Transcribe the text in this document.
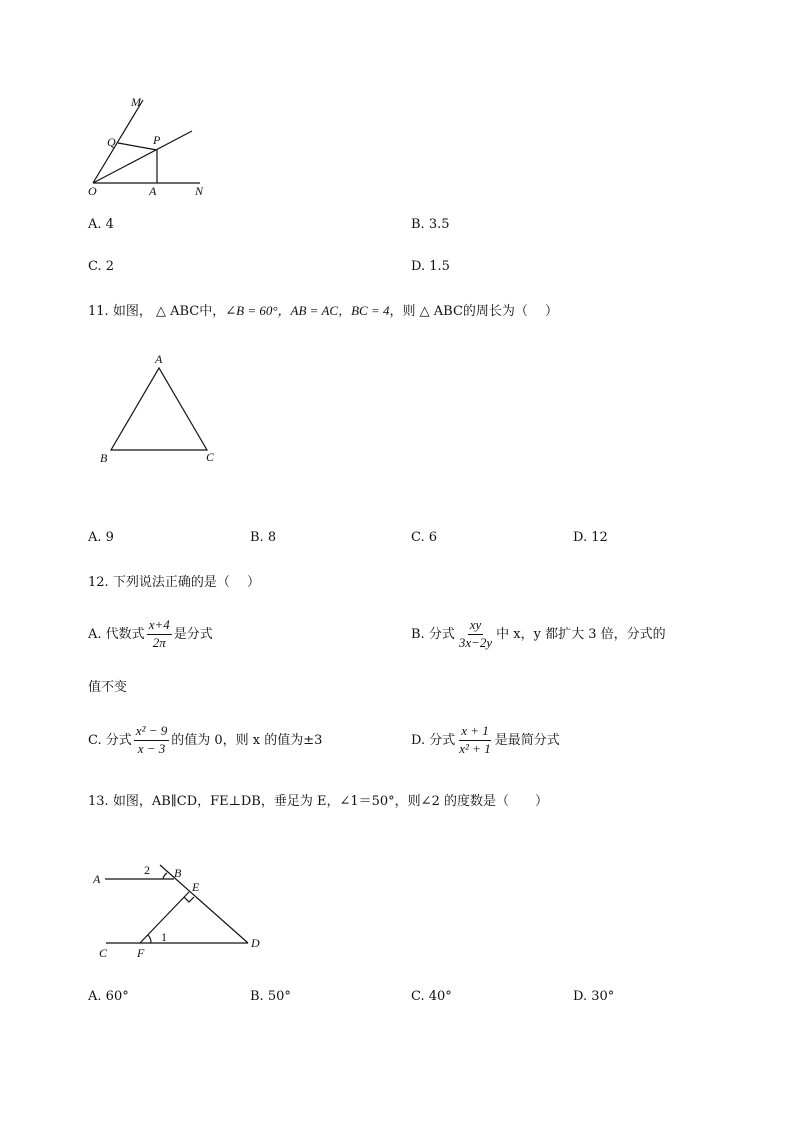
M
Q	P
O	A	N
A. 4	B. 3.5
C. 2	D. 1.5
11. 如图， △ ABC中，∠B = 60°，AB = AC，BC = 4，则 △ ABC的周长为（　 ）
A
B	C
A. 9	B. 8	C. 6	D. 12
12. 下列说法正确的是（　 ）
A. 代数式 $\frac{x+4}{2\pi}$ 是分式	B. 分式 $\frac{xy}{3x-2y}$ 中 x，y 都扩大 3 倍，分式的
值不变
C. 分式 $\frac{\text{x² − 9}}{x - 3}$ 的值为 0，则 x 的值为±3	D. 分式 $\frac{x + 1}{\text{x² + 1}}$ 是最简分式
13. 如图，AB∥CD，FE⊥DB，垂足为 E，∠1＝50°，则∠2 的度数是（　　）
A	B
E
C F
D
1
2
A. 60°	B. 50°	C. 40°	D. 30°
